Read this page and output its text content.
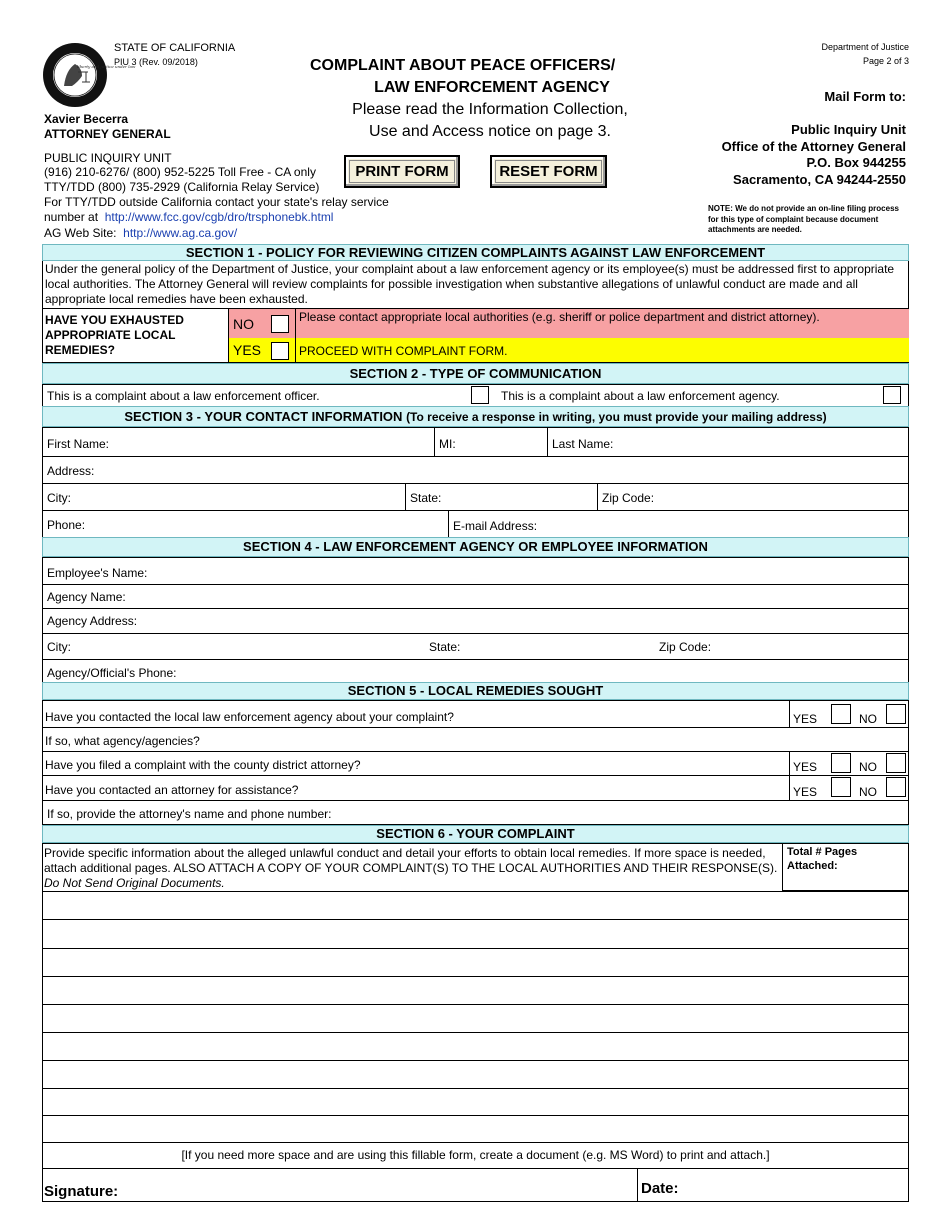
liberty and justice under law
STATE OF CALIFORNIA
PIU 3 (Rev. 09/2018)
Xavier Becerra
ATTORNEY GENERAL
COMPLAINT ABOUT PEACE OFFICERS/
LAW ENFORCEMENT AGENCY
Please read the Information Collection,
Use and Access notice on page 3.
Department of Justice
Page 2 of 3
Mail Form to:
Public Inquiry Unit
Office of the Attorney General
P.O. Box 944255
Sacramento, CA 94244-2550
NOTE: We do not provide an on-line filing process for this type of complaint because document attachments are needed.
PUBLIC INQUIRY UNIT
(916) 210-6276/ (800) 952-5225 Toll Free - CA only
TTY/TDD (800) 735-2929 (California Relay Service)
For TTY/TDD outside California contact your state's relay service
number at http://www.fcc.gov/cgb/dro/trsphonebk.html
AG Web Site: http://www.ag.ca.gov/
PRINT FORM	RESET FORM
SECTION 1 - POLICY FOR REVIEWING CITIZEN COMPLAINTS AGAINST LAW ENFORCEMENT
Under the general policy of the Department of Justice, your complaint about a law enforcement agency or its employee(s) must be addressed first to appropriate local authorities. The Attorney General will review complaints for possible investigation when substantive allegations of unlawful conduct are made and all appropriate local remedies have been exhausted.
HAVE YOU EXHAUSTED APPROPRIATE LOCAL REMEDIES?
NO	Please contact appropriate local authorities (e.g. sheriff or police department and district attorney).
YES	PROCEED WITH COMPLAINT FORM.
SECTION 2 - TYPE OF COMMUNICATION
This is a complaint about a law enforcement officer.	This is a complaint about a law enforcement agency.
SECTION 3 - YOUR CONTACT INFORMATION (To receive a response in writing, you must provide your mailing address)
First Name:	MI:	Last Name:
Address:
City:	State:	Zip Code:
Phone:	E-mail Address:
SECTION 4 - LAW ENFORCEMENT AGENCY OR EMPLOYEE INFORMATION
Employee's Name:
Agency Name:
Agency Address:
City:	State:	Zip Code:
Agency/Official's Phone:
SECTION 5 - LOCAL REMEDIES SOUGHT
Have you contacted the local law enforcement agency about your complaint?	YES	NO
If so, what agency/agencies?
Have you filed a complaint with the county district attorney?	YES	NO
Have you contacted an attorney for assistance?	YES	NO
If so, provide the attorney's name and phone number:
SECTION 6 - YOUR COMPLAINT
Provide specific information about the alleged unlawful conduct and detail your efforts to obtain local remedies. If more space is needed, attach additional pages. ALSO ATTACH A COPY OF YOUR COMPLAINT(S) TO THE LOCAL AUTHORITIES AND THEIR RESPONSE(S). Do Not Send Original Documents.
Total # Pages Attached:
[If you need more space and are using this fillable form, create a document (e.g. MS Word) to print and attach.]
Signature:	Date:
